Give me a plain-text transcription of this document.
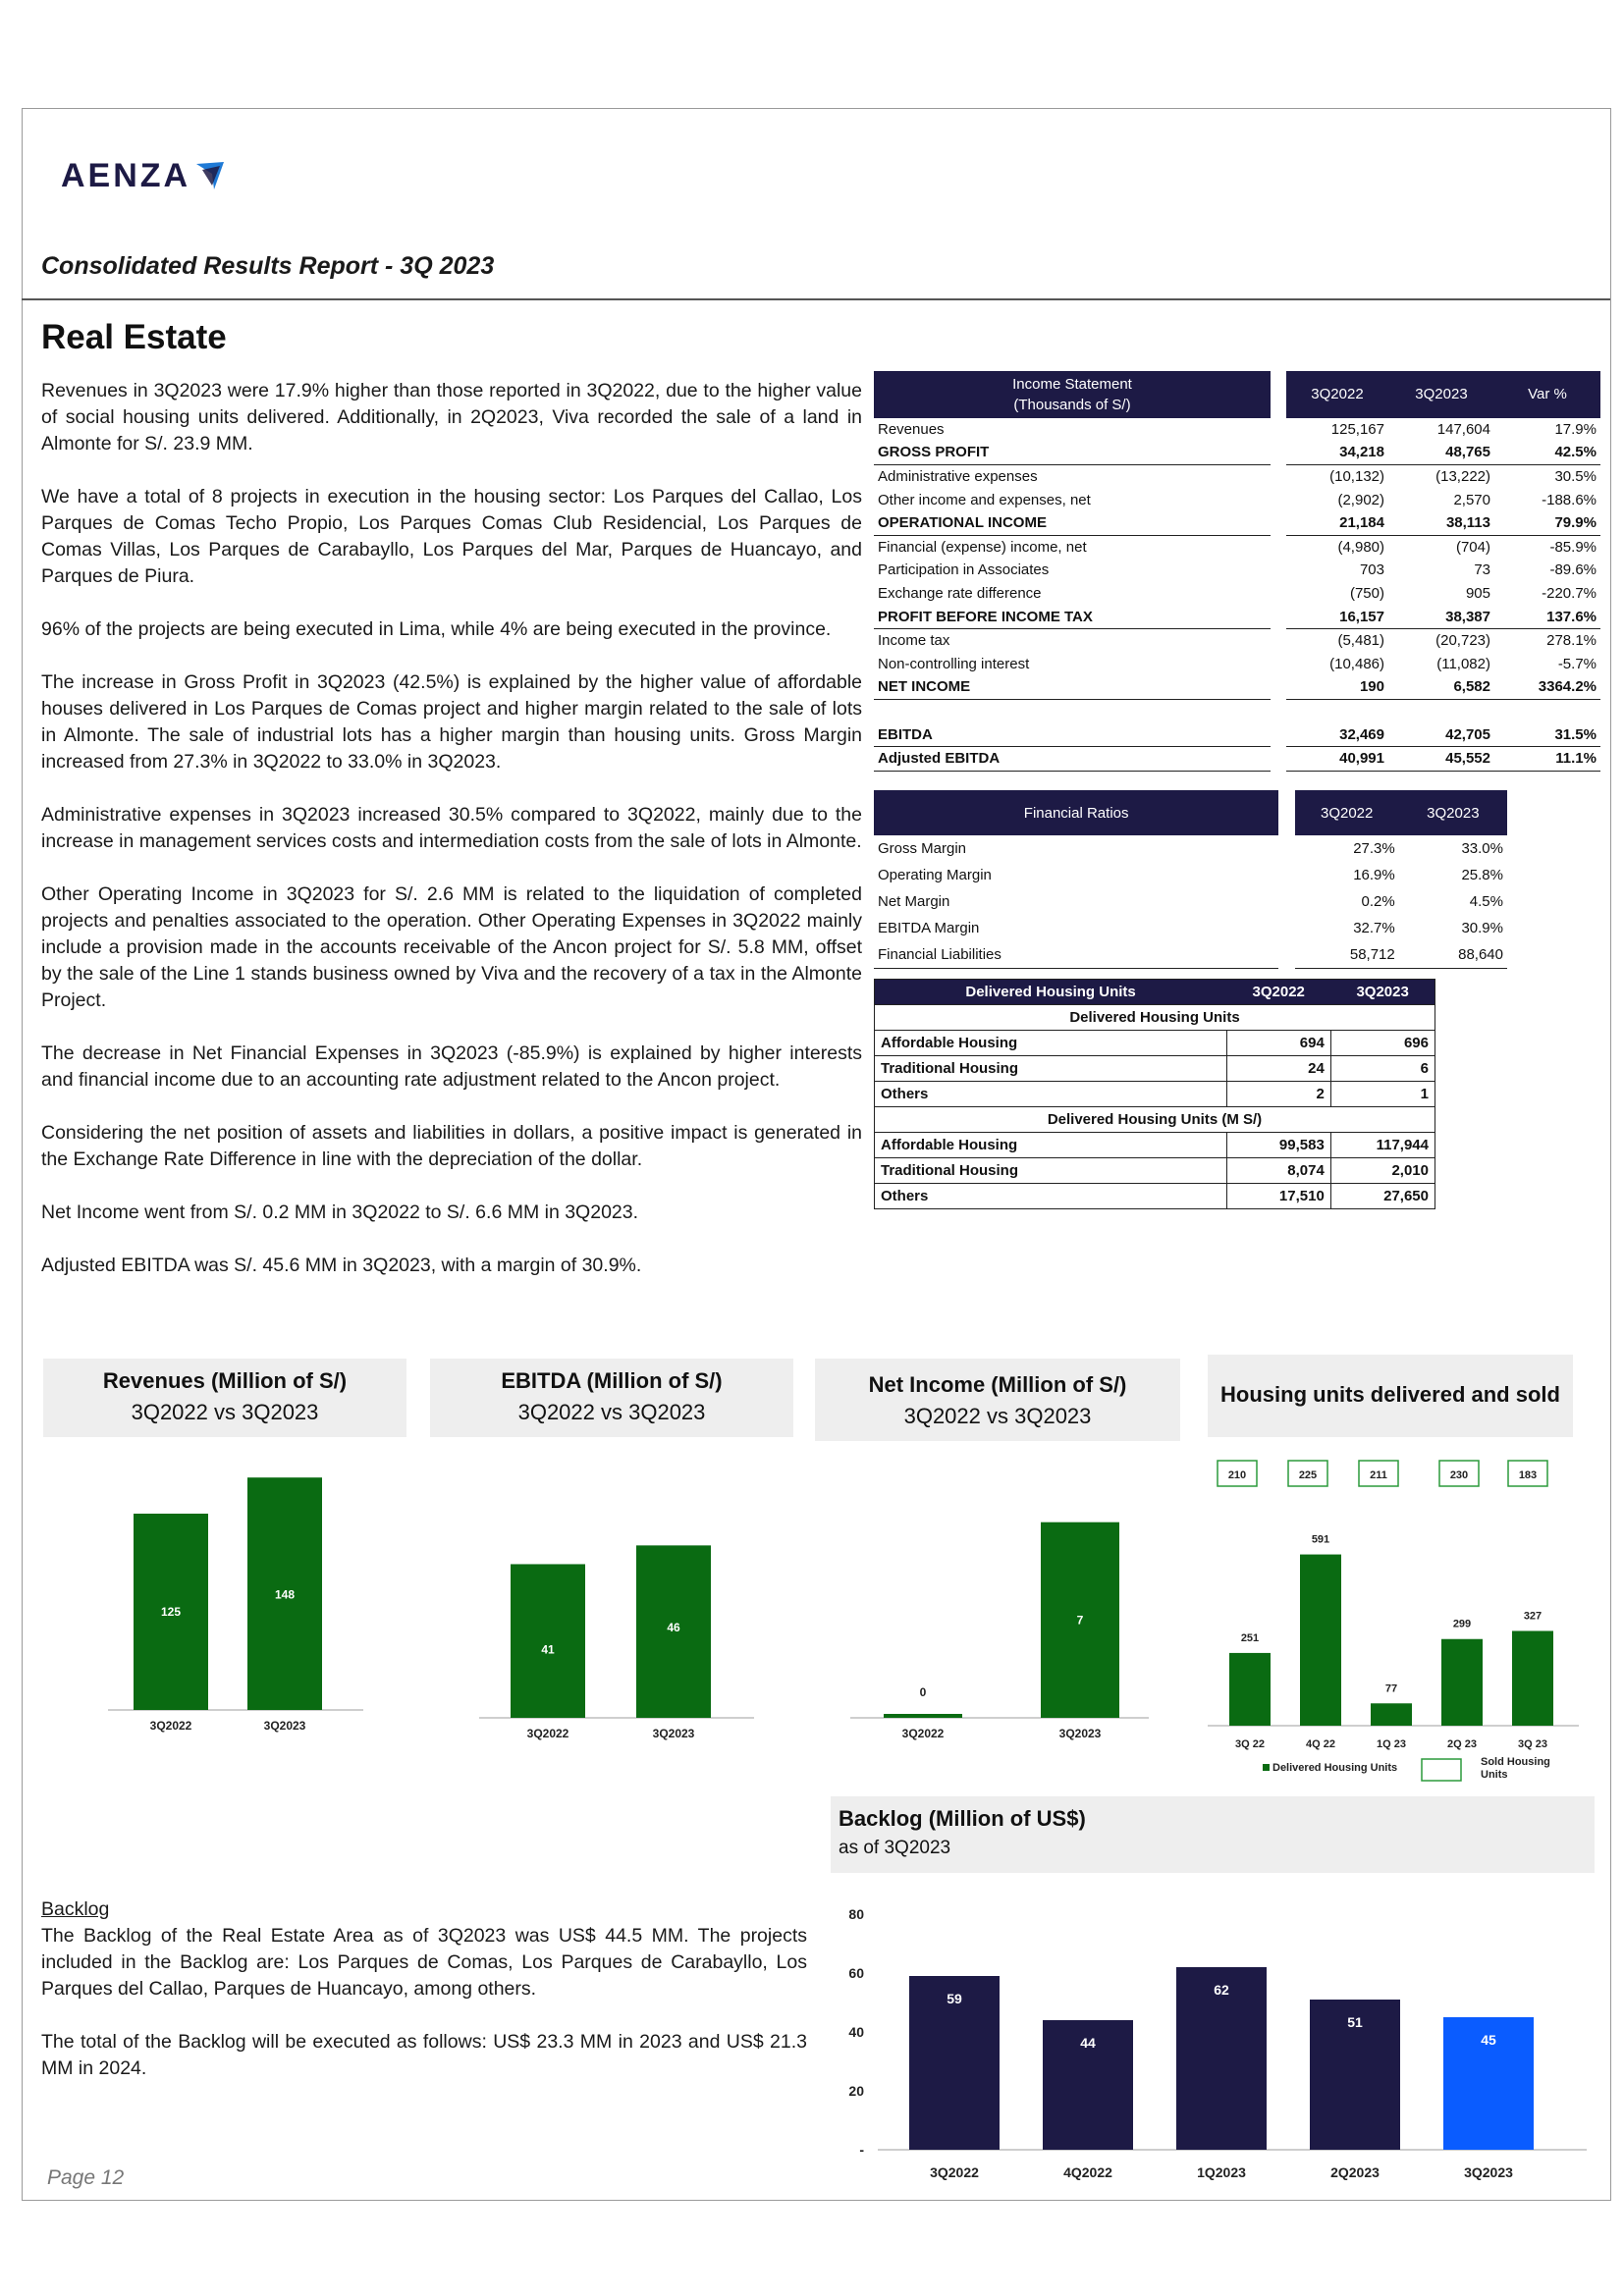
AENZA
Consolidated Results Report - 3Q 2023
Real Estate

Revenues in 3Q2023 were 17.9% higher than those reported in 3Q2022, due to the higher value of social housing units delivered. Additionally, in 2Q2023, Viva recorded the sale of a land in Almonte for S/. 23.9 MM.

We have a total of 8 projects in execution in the housing sector: Los Parques del Callao, Los Parques de Comas Techo Propio, Los Parques Comas Club Residencial, Los Parques de Comas Villas, Los Parques de Carabayllo, Los Parques del Mar, Parques de Huancayo, and Parques de Piura.

96% of the projects are being executed in Lima, while 4% are being executed in the province.

The increase in Gross Profit in 3Q2023 (42.5%) is explained by the higher value of affordable houses delivered in Los Parques de Comas project and higher margin related to the sale of lots in Almonte. The sale of industrial lots has a higher margin than housing units. Gross Margin increased from 27.3% in 3Q2022 to 33.0% in 3Q2023.

Administrative expenses in 3Q2023 increased 30.5% compared to 3Q2022, mainly due to the increase in management services costs and intermediation costs from the sale of lots in Almonte.

Other Operating Income in 3Q2023 for S/. 2.6 MM is related to the liquidation of completed projects and penalties associated to the operation. Other Operating Expenses in 3Q2022 mainly include a provision made in the accounts receivable of the Ancon project for S/. 5.8 MM, offset by the sale of the Line 1 stands business owned by Viva and the recovery of a tax in the Almonte Project.

The decrease in Net Financial Expenses in 3Q2023 (-85.9%) is explained by higher interests and financial income due to an accounting rate adjustment related to the Ancon project.

Considering the net position of assets and liabilities in dollars, a positive impact is generated in the Exchange Rate Difference in line with the depreciation of the dollar.

Net Income went from S/. 0.2 MM in 3Q2022 to S/. 6.6 MM in 3Q2023.

Adjusted EBITDA was S/. 45.6 MM in 3Q2023, with a margin of 30.9%.

Income Statement
(Thousands of S/)		3Q2022	3Q2023	Var %
Revenues		125,167	147,604	17.9%
GROSS PROFIT		34,218	48,765	42.5%
Administrative expenses		(10,132)	(13,222)	30.5%
Other income and expenses, net		(2,902)	2,570	-188.6%
OPERATIONAL INCOME		21,184	38,113	79.9%
Financial (expense) income, net		(4,980)	(704)	-85.9%
Participation in Associates		703	73	-89.6%
Exchange rate difference		(750)	905	-220.7%
PROFIT BEFORE INCOME TAX		16,157	38,387	137.6%
Income tax		(5,481)	(20,723)	278.1%
Non-controlling interest		(10,486)	(11,082)	-5.7%
NET INCOME		190	6,582	3364.2%

EBITDA		32,469	42,705	31.5%
Adjusted EBITDA		40,991	45,552	11.1%
Financial Ratios		3Q2022	3Q2023
Gross Margin		27.3%	33.0%
Operating Margin		16.9%	25.8%
Net Margin		0.2%	4.5%
EBITDA Margin		32.7%	30.9%
Financial Liabilities		58,712	88,640
Delivered Housing Units	3Q2022	3Q2023
Delivered Housing Units		
Affordable Housing	694	696
Traditional Housing	24	6
Others	2	1
Delivered Housing Units (M S/)		
Affordable Housing	99,583	117,944
Traditional Housing	8,074	2,010
Others	17,510	27,650
Revenues (Million of S/)
3Q2022 vs 3Q2023
EBITDA (Million of S/)
3Q2022 vs 3Q2023
Net Income (Million of S/)
3Q2022 vs 3Q2023
Housing units delivered and sold
Backlog (Million of US$)
as of 3Q2023
125
3Q2022
148
3Q2023
41
3Q2022
46
3Q2023
0
3Q2022
7
3Q2023
251
3Q 22
210
591
4Q 22
225
77
1Q 23
211
299
2Q 23
230
327
3Q 23
183
Delivered Housing Units	Sold Housing Units
-
20
40
60
80
59
3Q2022
44
4Q2022
62
1Q2023
51
2Q2023
45
3Q2023
Backlog

The Backlog of the Real Estate Area as of 3Q2023 was US$ 44.5 MM. The projects included in the Backlog are: Los Parques de Comas, Los Parques de Carabayllo, Los Parques del Callao, Parques de Huancayo, among others.

The total of the Backlog will be executed as follows: US$ 23.3 MM in 2023 and US$ 21.3 MM in 2024.

Page 12
